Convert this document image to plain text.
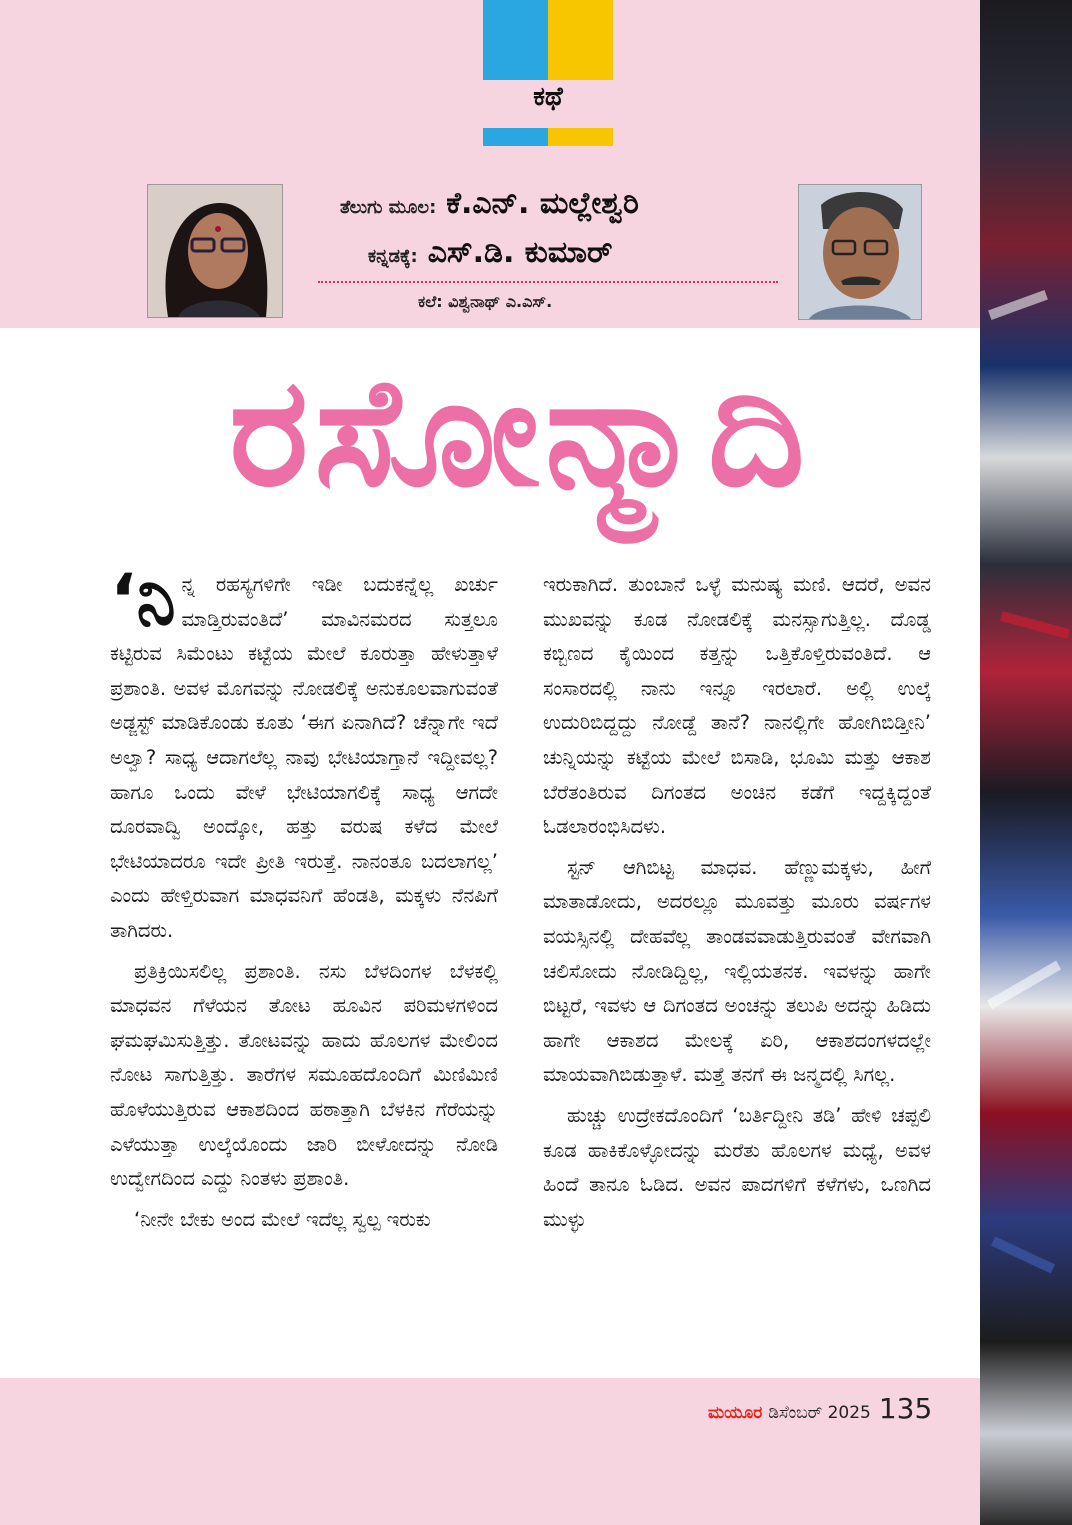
ಕಥೆ
ತೆಲುಗು ಮೂಲ: ಕೆ.ಎನ್. ಮಲ್ಲೇಶ್ವರಿ
ಕನ್ನಡಕ್ಕೆ: ಎಸ್.ಡಿ. ಕುಮಾರ್
ಕಲೆ: ವಿಶ್ವನಾಥ್ ಎ.ಎಸ್.
ರಸೋನ್ಮಾದಿ

‘ನಿನ್ನ ರಹಸ್ಯಗಳಿಗೇ ಇಡೀ ಬದುಕನ್ನೆಲ್ಲ ಖರ್ಚು ಮಾಡ್ತಿರುವಂತಿದೆ’ ಮಾವಿನಮರದ ಸುತ್ತಲೂ ಕಟ್ಟಿರುವ ಸಿಮೆಂಟು ಕಟ್ಟೆಯ ಮೇಲೆ ಕೂರುತ್ತಾ ಹೇಳುತ್ತಾಳೆ ಪ್ರಶಾಂತಿ. ಅವಳ ಮೊಗವನ್ನು ನೋಡಲಿಕ್ಕೆ ಅನುಕೂಲವಾಗುವಂತೆ ಅಡ್ಜಸ್ಟ್ ಮಾಡಿಕೊಂಡು ಕೂತು ‘ಈಗ ಏನಾಗಿದೆ? ಚೆನ್ನಾಗೇ ಇದೆ ಅಲ್ವಾ? ಸಾಧ್ಯ ಆದಾಗಲೆಲ್ಲ ನಾವು ಭೇಟಿಯಾಗ್ತಾನೆ ಇದ್ದೀವಲ್ಲ? ಹಾಗೂ ಒಂದು ವೇಳೆ ಭೇಟಿಯಾಗಲಿಕ್ಕೆ ಸಾಧ್ಯ ಆಗದೇ ದೂರವಾದ್ವಿ ಅಂದ್ಕೋ, ಹತ್ತು ವರುಷ ಕಳೆದ ಮೇಲೆ ಭೇಟಿಯಾದರೂ ಇದೇ ಪ್ರೀತಿ ಇರುತ್ತೆ. ನಾನಂತೂ ಬದಲಾಗಲ್ಲ’ ಎಂದು ಹೇಳ್ತಿರುವಾಗ ಮಾಧವನಿಗೆ ಹೆಂಡತಿ, ಮಕ್ಕಳು ನೆನಪಿಗೆ ತಾಗಿದರು.

ಪ್ರತಿಕ್ರಿಯಿಸಲಿಲ್ಲ ಪ್ರಶಾಂತಿ. ನಸು ಬೆಳದಿಂಗಳ ಬೆಳಕಲ್ಲಿ ಮಾಧವನ ಗೆಳೆಯನ ತೋಟ ಹೂವಿನ ಪರಿಮಳಗಳಿಂದ ಘಮಘಮಿಸುತ್ತಿತ್ತು. ತೋಟವನ್ನು ಹಾದು ಹೊಲಗಳ ಮೇಲಿಂದ ನೋಟ ಸಾಗುತ್ತಿತ್ತು. ತಾರೆಗಳ ಸಮೂಹದೊಂದಿಗೆ ಮಿಣಿಮಿಣಿ ಹೊಳೆಯುತ್ತಿರುವ ಆಕಾಶದಿಂದ ಹಠಾತ್ತಾಗಿ ಬೆಳಕಿನ ಗೆರೆಯನ್ನು ಎಳೆಯುತ್ತಾ ಉಲ್ಕೆಯೊಂದು ಜಾರಿ ಬೀಳೋದನ್ನು ನೋಡಿ ಉದ್ವೇಗದಿಂದ ಎದ್ದು ನಿಂತಳು ಪ್ರಶಾಂತಿ.

‘ನೀನೇ ಬೇಕು ಅಂದ ಮೇಲೆ ಇದೆಲ್ಲ ಸ್ವಲ್ಪ ಇರುಕು

ಇರುಕಾಗಿದೆ. ತುಂಬಾನೆ ಒಳ್ಳೆ ಮನುಷ್ಯ ಮಣಿ. ಆದರೆ, ಅವನ ಮುಖವನ್ನು ಕೂಡ ನೋಡಲಿಕ್ಕೆ ಮನಸ್ಸಾಗುತ್ತಿಲ್ಲ. ದೊಡ್ಡ ಕಬ್ಬಿಣದ ಕೈಯಿಂದ ಕತ್ತನ್ನು ಒತ್ತಿಕೊಳ್ತಿರುವಂತಿದೆ. ಆ ಸಂಸಾರದಲ್ಲಿ ನಾನು ಇನ್ನೂ ಇರಲಾರೆ. ಅಲ್ಲಿ ಉಲ್ಕೆ ಉದುರಿಬಿದ್ದದ್ದು ನೋಡ್ದೆ ತಾನೆ? ನಾನಲ್ಲಿಗೇ ಹೋಗಿಬಿಡ್ತೀನಿ’ ಚುನ್ನಿಯನ್ನು ಕಟ್ಟೆಯ ಮೇಲೆ ಬಿಸಾಡಿ, ಭೂಮಿ ಮತ್ತು ಆಕಾಶ ಬೆರೆತಂತಿರುವ ದಿಗಂತದ ಅಂಚಿನ ಕಡೆಗೆ ಇದ್ದಕ್ಕಿದ್ದಂತೆ ಓಡಲಾರಂಭಿಸಿದಳು.

ಸ್ಟನ್ ಆಗಿಬಿಟ್ಟ ಮಾಧವ. ಹೆಣ್ಣುಮಕ್ಕಳು, ಹೀಗೆ ಮಾತಾಡೋದು, ಅದರಲ್ಲೂ ಮೂವತ್ತು ಮೂರು ವರ್ಷಗಳ ವಯಸ್ಸಿನಲ್ಲಿ ದೇಹವೆಲ್ಲ ತಾಂಡವವಾಡುತ್ತಿರುವಂತೆ ವೇಗವಾಗಿ ಚಲಿಸೋದು ನೋಡಿದ್ದಿಲ್ಲ, ಇಲ್ಲಿಯತನಕ. ಇವಳನ್ನು ಹಾಗೇ ಬಿಟ್ಟರೆ, ಇವಳು ಆ ದಿಗಂತದ ಅಂಚನ್ನು ತಲುಪಿ ಅದನ್ನು ಹಿಡಿದು ಹಾಗೇ ಆಕಾಶದ ಮೇಲಕ್ಕೆ ಏರಿ, ಆಕಾಶದಂಗಳದಲ್ಲೇ ಮಾಯವಾಗಿಬಿಡುತ್ತಾಳೆ. ಮತ್ತೆ ತನಗೆ ಈ ಜನ್ಮದಲ್ಲಿ ಸಿಗಲ್ಲ.

ಹುಚ್ಚು ಉದ್ರೇಕದೊಂದಿಗೆ ‘ಬರ್ತಿದ್ದೀನಿ ತಡಿ’ ಹೇಳಿ ಚಪ್ಪಲಿ ಕೂಡ ಹಾಕಿಕೊಳ್ಳೋದನ್ನು ಮರೆತು ಹೊಲಗಳ ಮಧ್ಯೆ, ಅವಳ ಹಿಂದೆ ತಾನೂ ಓಡಿದ. ಅವನ ಪಾದಗಳಿಗೆ ಕಳೆಗಳು, ಒಣಗಿದ ಮುಳ್ಳು

ಮಯೂರ ಡಿಸೆಂಬರ್ 2025 135
